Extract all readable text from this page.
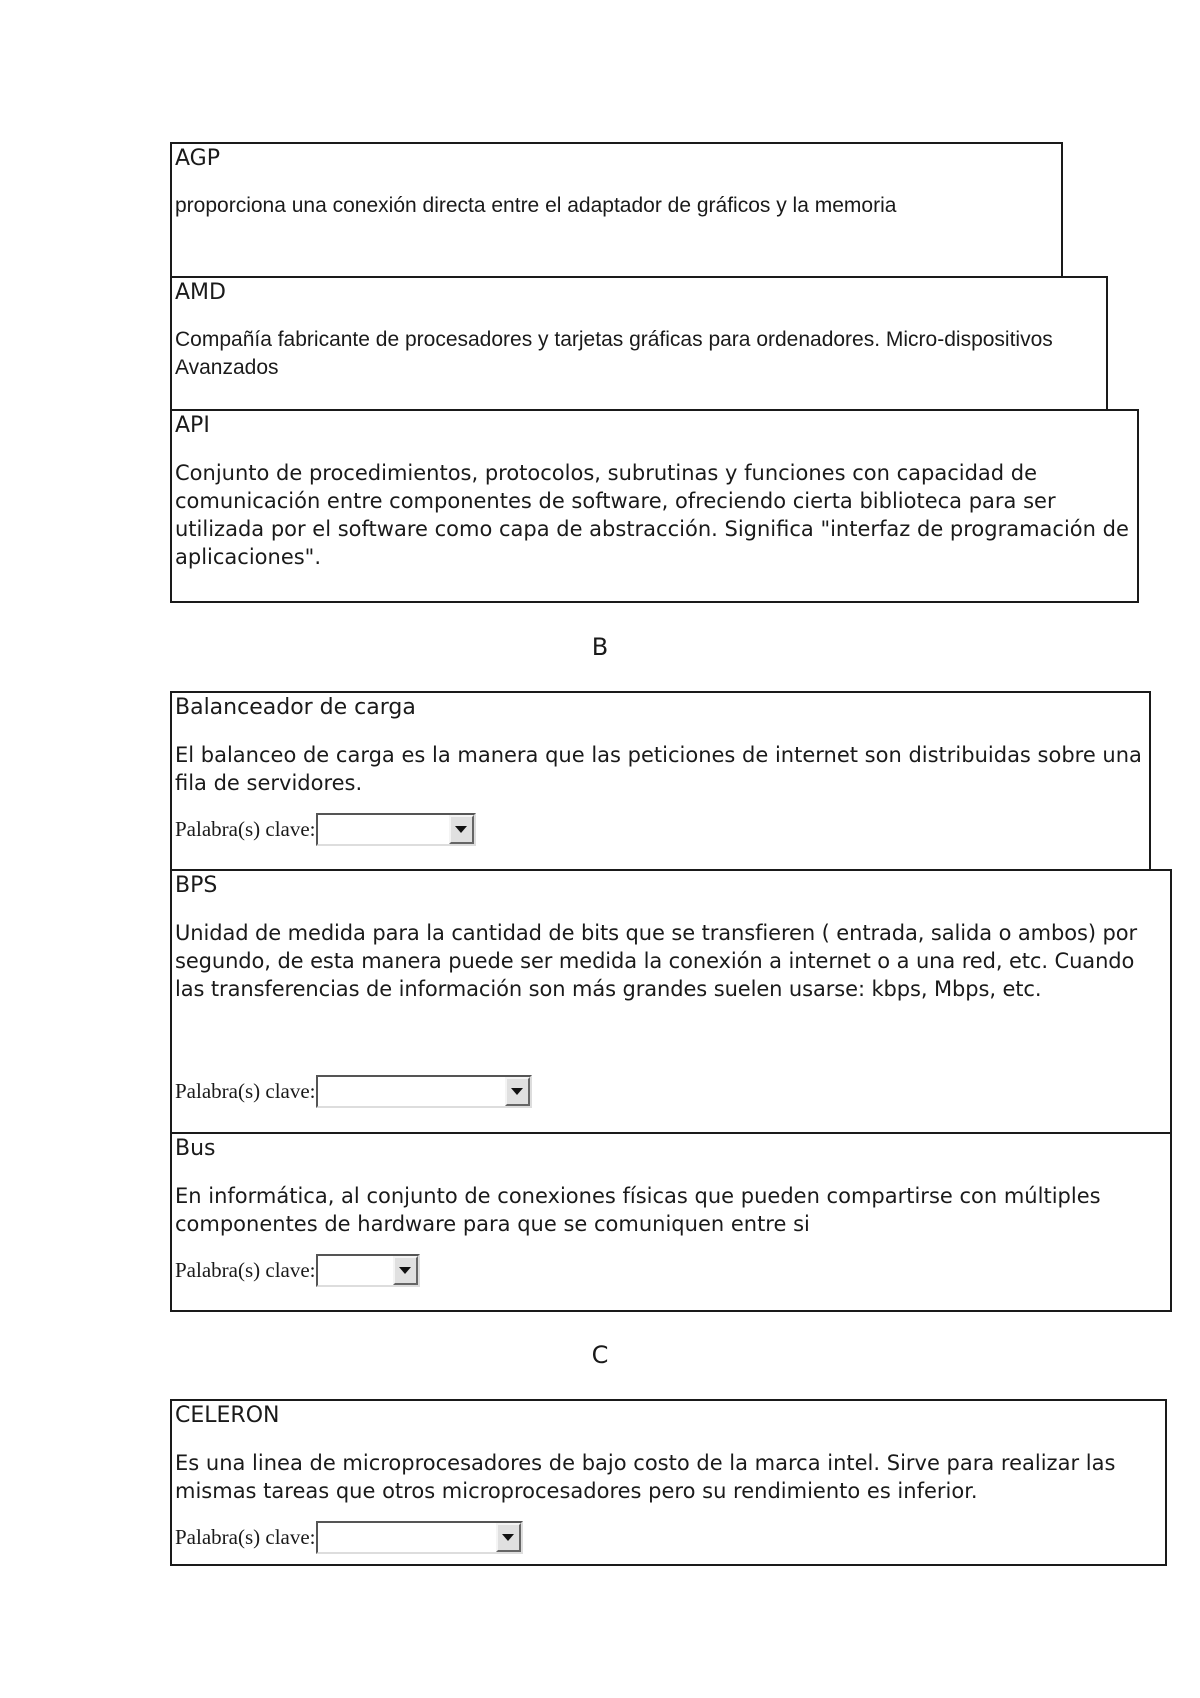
AGP

proporciona una conexión directa entre el adaptador de gráficos y la memoria

AMD

Compañía fabricante de procesadores y tarjetas gráficas para ordenadores. Micro-dispositivos Avanzados

API

Conjunto de procedimientos, protocolos, subrutinas y funciones con capacidad de comunicación entre componentes de software, ofreciendo cierta biblioteca para ser utilizada por el software como capa de abstracción. Significa "interfaz de programación de aplicaciones".

B

Balanceador de carga

El balanceo de carga es la manera que las peticiones de internet son distribuidas sobre una fila de servidores.

Palabra(s) clave:

BPS

Unidad de medida para la cantidad de bits que se transfieren ( entrada, salida o ambos) por segundo, de esta manera puede ser medida la conexión a internet o a una red, etc. Cuando las transferencias de información son más grandes suelen usarse: kbps, Mbps, etc.

Palabra(s) clave:

Bus

En informática, al conjunto de conexiones físicas que pueden compartirse con múltiples componentes de hardware para que se comuniquen entre si

Palabra(s) clave:
C

CELERON

Es una linea de microprocesadores de bajo costo de la marca intel. Sirve para realizar las mismas tareas que otros microprocesadores pero su rendimiento es inferior.

Palabra(s) clave:
